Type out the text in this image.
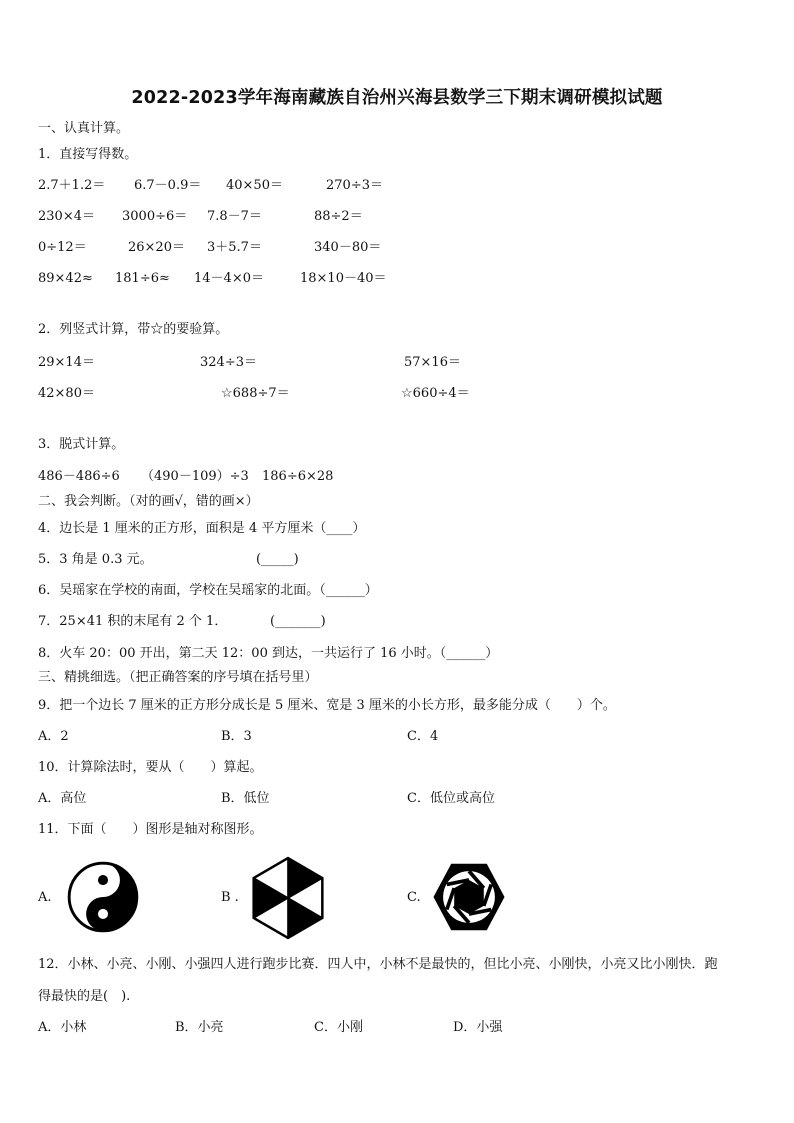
2022-2023学年海南藏族自治州兴海县数学三下期末调研模拟试题
一、认真计算。
1．直接写得数。
2.7＋1.2＝ 6.7－0.9＝ 40×50＝	270÷3＝
230×4＝ 3000÷6＝ 7.8－7＝	88÷2＝
0÷12＝	26×20＝ 3＋5.7＝	340－80＝
89×42≈ 181÷6≈ 14－4×0＝	18×10－40＝
2．列竖式计算，带☆的要验算。
29×14＝	324÷3＝	57×16＝
42×80＝	☆688÷7＝	☆660÷4＝
3．脱式计算。
486－486÷6 （490－109）÷3 186÷6×28
二、我会判断。（对的画√，错的画×）
4．边长是 1 厘米的正方形，面积是 4 平方厘米（____）
5．3 角是 0.3 元。	(_____)
6．吴瑶家在学校的南面，学校在吴瑶家的北面。（______）
7．25×41 积的末尾有 2 个 1．	(_______)
8．火车 20：00 开出，第二天 12：00 到达，一共运行了 16 小时。（______）
三、精挑细选。（把正确答案的序号填在括号里）
9．把一个边长 7 厘米的正方形分成长是 5 厘米、宽是 3 厘米的小长方形，最多能分成（　　）个。
A．2	B．3	C．4
10．计算除法时，要从（　　）算起。
A．高位	B．低位	C．低位或高位
11．下面（　　）图形是轴对称图形。
A.	B .	C.
12．小林、小亮、小刚、小强四人进行跑步比赛．四人中，小林不是最快的，但比小亮、小刚快，小亮又比小刚快．跑
得最快的是(　).
A．小林	B．小亮	C．小刚	D．小强
